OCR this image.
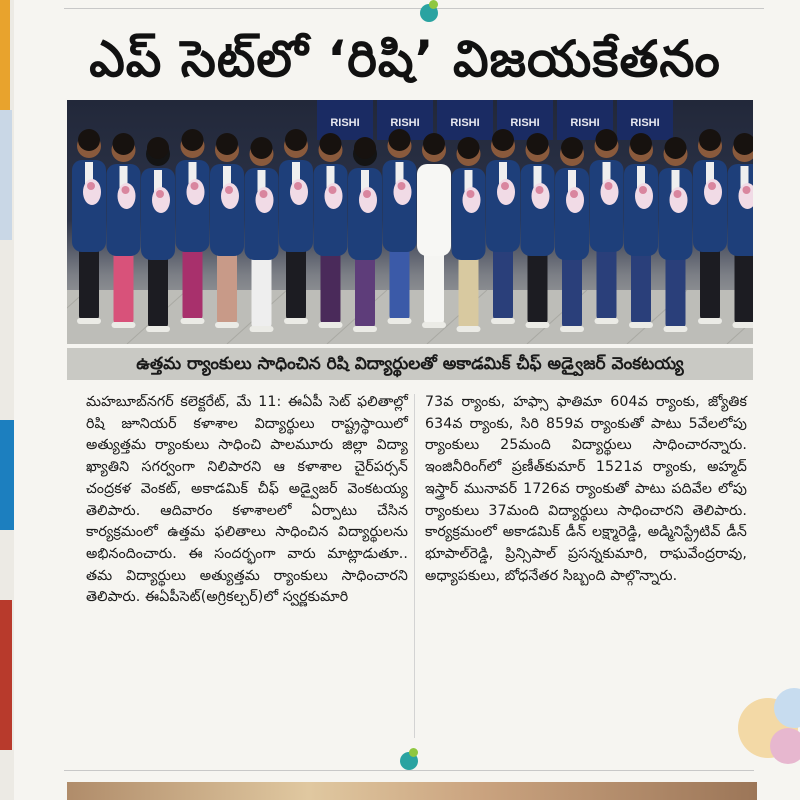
ఎప్ సెట్‌లో ‘రిషి’ విజయకేతనం
RISHI	RISHI	RISHI	RISHI	RISHI	RISHI
ఉత్తమ ర్యాంకులు సాధించిన రిషి విద్యార్థులతో అకాడమిక్ చీఫ్ అడ్వైజర్ వెంకటయ్య

మహబూబ్‌నగర్ కలెక్టరేట్, మే 11: ఈఏపీ సెట్ ఫలితాల్లో రిషి జూనియర్ కళాశాల విద్యార్థులు రాష్ట్రస్థాయిలో అత్యుత్తమ ర్యాంకులు సాధించి పాలమూరు జిల్లా విద్యా ఖ్యాతిని సగర్వంగా నిలిపారని ఆ కళాశాల చైర్‌పర్సన్ చంద్రకళ వెంకట్, అకాడమిక్ చీఫ్ అడ్వైజర్ వెంకటయ్య తెలిపారు. ఆదివారం కళాశాలలో ఏర్పాటు చేసిన కార్యక్రమంలో ఉత్తమ ఫలితాలు సాధించిన విద్యార్థులను అభినందించారు. ఈ సందర్భంగా వారు మాట్లాడుతూ.. తమ విద్యార్థులు అత్యుత్తమ ర్యాంకులు సాధించారని తెలిపారు. ఈఏపీసెట్(అగ్రికల్చర్)లో స్వర్ణకుమారి

73వ ర్యాంకు, హఫ్సా ఫాతిమా 604వ ర్యాంకు, జ్యోతిక 634వ ర్యాంకు, సిరి 859వ ర్యాంకుతో పాటు 5వేలలోపు ర్యాంకులు 25మంది విద్యార్థులు సాధించారన్నారు. ఇంజినీరింగ్‌లో ప్రణీత్‌కుమార్ 1521వ ర్యాంకు, అహ్మద్ ఇస్త్రార్ మునావర్ 1726వ ర్యాంకుతో పాటు పదివేల లోపు ర్యాంకులు 37మంది విద్యార్థులు సాధించారని తెలిపారు. కార్యక్రమంలో అకాడమిక్ డీన్ లక్ష్మారెడ్డి, అడ్మినిస్ట్రేటివ్ డీన్ భూపాల్‌రెడ్డి, ప్రిన్సిపాల్ ప్రసన్నకుమారి, రాఘవేంద్రరావు, అధ్యాపకులు, బోధనేతర సిబ్బంది పాల్గొన్నారు.
